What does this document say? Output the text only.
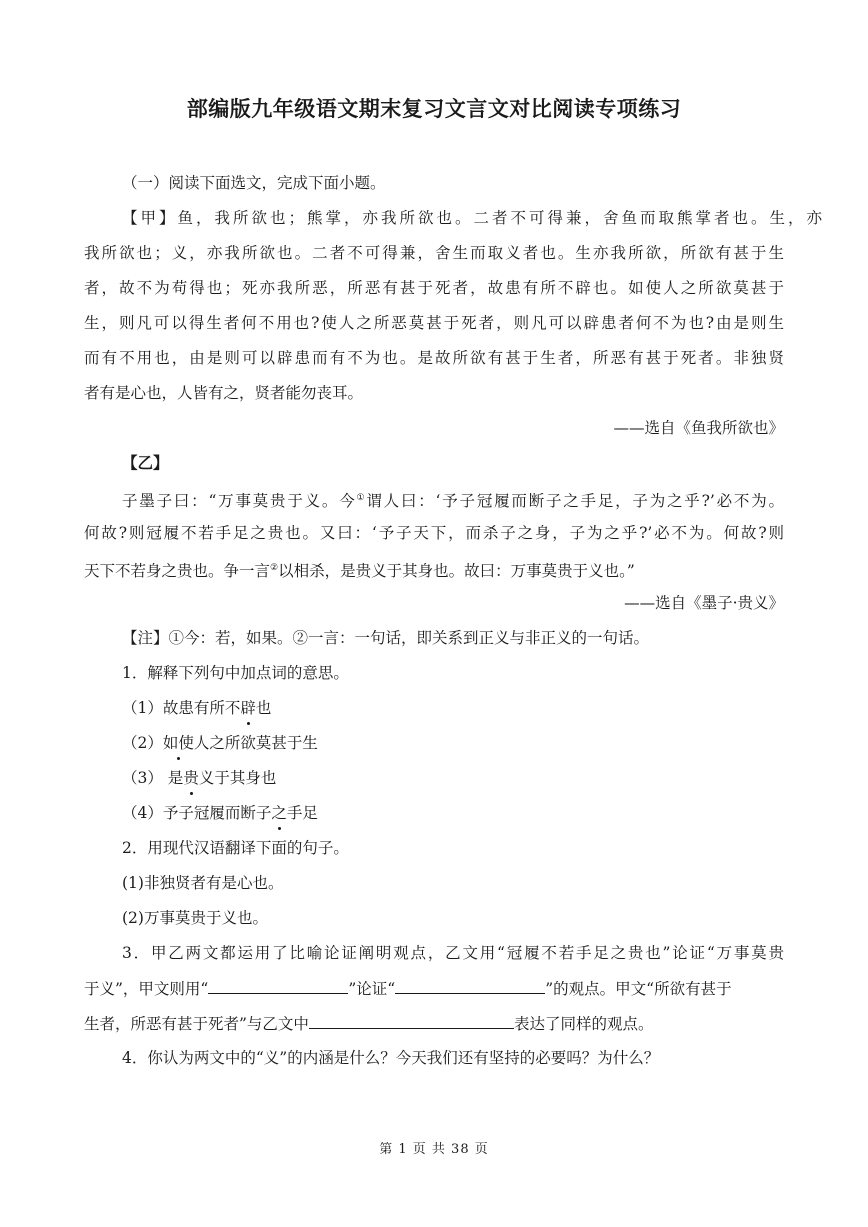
部编版九年级语文期末复习文言文对比阅读专项练习
（一）阅读下面选文，完成下面小题。
【甲】鱼，我所欲也；熊掌，亦我所欲也。二者不可得兼，舍鱼而取熊掌者也。生，亦
我所欲也；义，亦我所欲也。二者不可得兼，舍生而取义者也。生亦我所欲，所欲有甚于生
者，故不为苟得也；死亦我所恶，所恶有甚于死者，故患有所不辟也。如使人之所欲莫甚于
生，则凡可以得生者何不用也?使人之所恶莫甚于死者，则凡可以辟患者何不为也?由是则生
而有不用也，由是则可以辟患而有不为也。是故所欲有甚于生者，所恶有甚于死者。非独贤
者有是心也，人皆有之，贤者能勿丧耳。
——选自《鱼我所欲也》
【乙】
子墨子曰：“万事莫贵于义。今①谓人曰：‘予子冠履而断子之手足，子为之乎?’必不为。
何故?则冠履不若手足之贵也。又曰：‘予子天下，而杀子之身，子为之乎?’必不为。何故?则
天下不若身之贵也。争一言②以相杀，是贵义于其身也。故曰：万事莫贵于义也。”
——选自《墨子·贵义》
【注】①今：若，如果。②一言：一句话，即关系到正义与非正义的一句话。
1．解释下列句中加点词的意思。
（1）故患有所不辟也
（2）如使人之所欲莫甚于生
（3） 是贵义于其身也
（4）予子冠履而断子之手足
2．用现代汉语翻译下面的句子。
(1)非独贤者有是心也。
(2)万事莫贵于义也。
3．甲乙两文都运用了比喻论证阐明观点，乙文用“冠履不若手足之贵也”论证“万事莫贵
于义”，甲文则用“	”论证“	”的观点。甲文“所欲有甚于
生者，所恶有甚于死者”与乙文中	表达了同样的观点。
4．你认为两文中的“义”的内涵是什么？今天我们还有坚持的必要吗？为什么？
第 1 页 共 38 页
